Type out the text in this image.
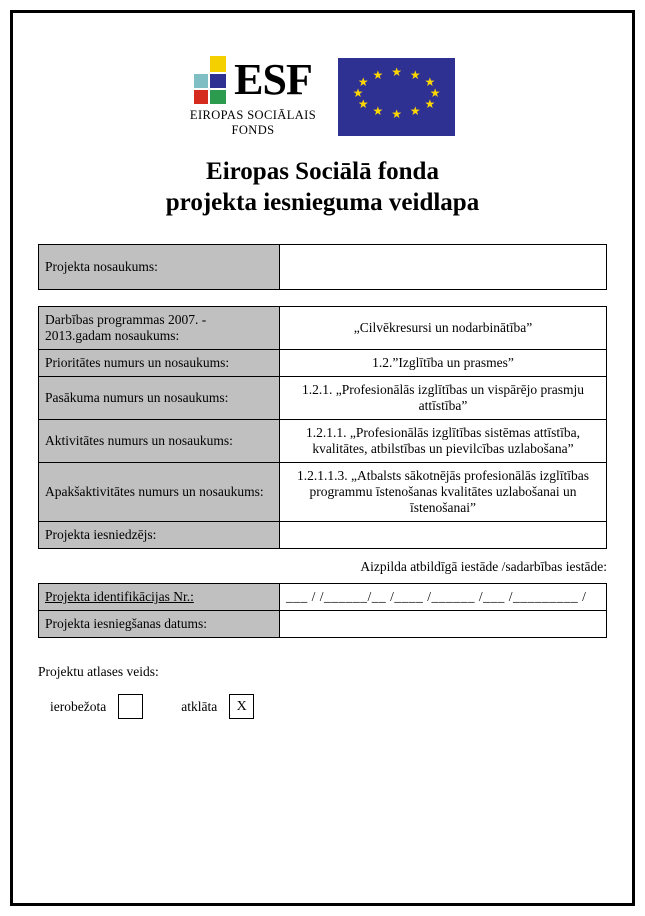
ESF
EIROPAS SOCIĀLAIS
FONDS
★ ★
★
★
★
★
★
★
★
★
★
★
Eiropas Sociālā fonda
projekta iesnieguma veidlapa
Projekta nosaukums:	
Darbības programmas 2007. - 2013.gadam nosaukums:	„Cilvēkresursi un nodarbinātība”
Prioritātes numurs un nosaukums:	1.2.”Izglītība un prasmes”
Pasākuma numurs un nosaukums:	1.2.1. „Profesionālās izglītības un vispārējo prasmju attīstība”
Aktivitātes numurs un nosaukums:	1.2.1.1. „Profesionālās izglītības sistēmas attīstība, kvalitātes, atbilstības un pievilcības uzlabošana”
Apakšaktivitātes numurs un nosaukums:	1.2.1.1.3. „Atbalsts sākotnējās profesionālās izglītības programmu īstenošanas kvalitātes uzlabošanai un īstenošanai”
Projekta iesniedzējs:	
Aizpilda atbildīgā iestāde /sadarbības iestāde:
Projekta identifikācijas Nr.:	___ / /______/__ /____ /______ /___ /_________ /
Projekta iesniegšanas datums:	
Projektu atlases veids:
ierobežota	atklāta	X
